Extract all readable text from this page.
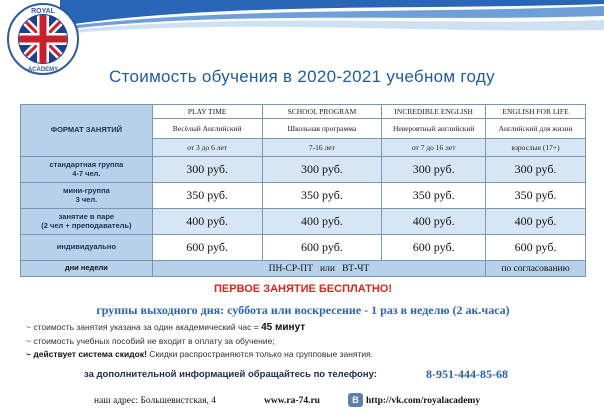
ROYAL
ACADEMY	Стоимость обучения в 2020-2021 учебном году
ФОРМАТ ЗАНЯТИЙ	PLAY TIME	SCHOOL PROGRAM	INCREDIBLE ENGLISH	ENGLISH FOR LIFE
	Весёлый Английский	Школьная программа	Невероятный английский	Английский для жизни
	от 3 до 6 лет	7-16 лет	от 7 до 16 лет	взрослые (17+)
стандартная группа
4-7 чел.	300 руб.	300 руб.	300 руб.	300 руб.
мини-группа
3 чел.	350 руб.	350 руб.	350 руб.	350 руб.
занятие в паре
(2 чел + преподаватель)	400 руб.	400 руб.	400 руб.	400 руб.
индивидуально	600 руб.	600 руб.	600 руб.	600 руб.
дни недели	ПН-СР-ПТ   или   ВТ-ЧТ			по согласованию
ПЕРВОЕ ЗАНЯТИЕ БЕСПЛАТНО!
группы выходного дня: суббота или воскресение - 1 раз в неделю (2 ак.часа)
~ стоимость занятия указана за один академический час = 45 минут
~ стоимость учебных пособий не входит в оплату за обучение;
~ действует система скидок! Скидки распространяются только на групповые занятия.
за дополнительной информацией обращайтесь по телефону:	8-951-444-85-68
наш адрес: Большевистская, 4	www.ra-74.ru	B http://vk.com/royalacademy
